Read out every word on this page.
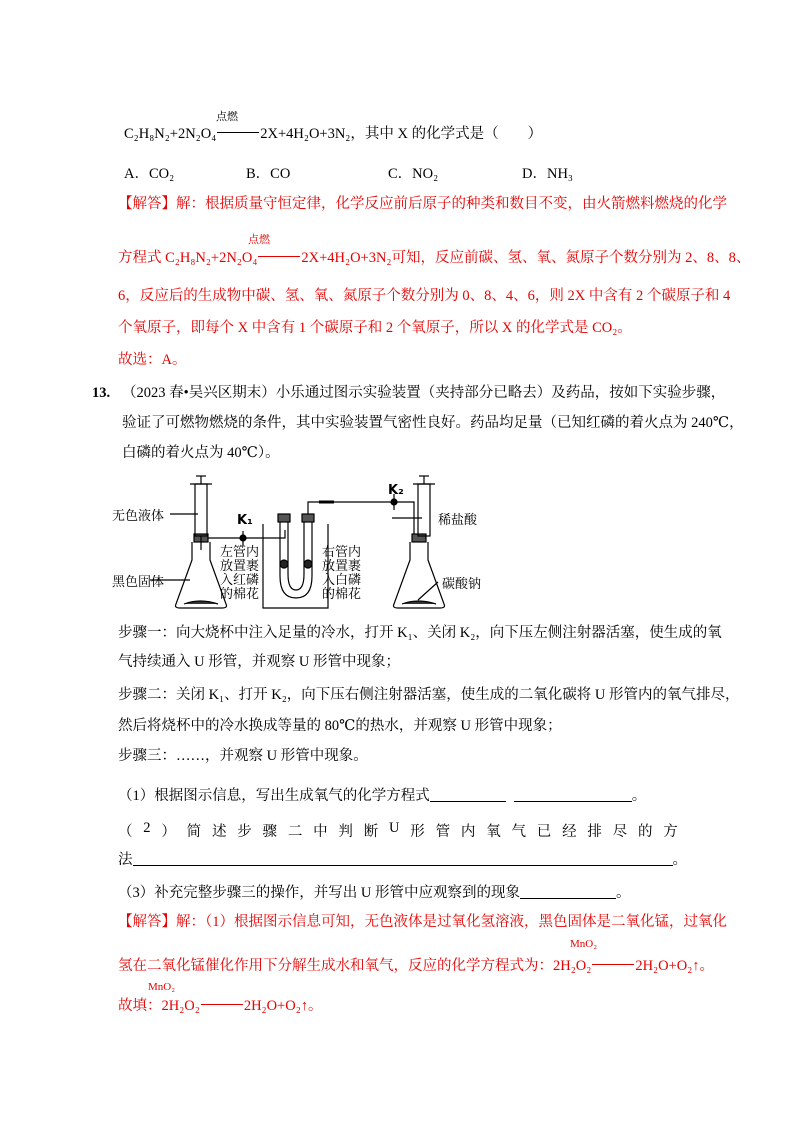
点燃
C₂H₈N₂+2N₂O₄	2X+4H₂O+3N₂，其中 X 的化学式是（　　）
A．CO₂	B．CO	C．NO₂	D．NH₃
【解答】解：根据质量守恒定律，化学反应前后原子的种类和数目不变，由火箭燃料燃烧的化学
点燃
方程式 C₂H₈N₂+2N₂O₄	2X+4H₂O+3N₂可知，反应前碳、氢、氧、氮原子个数分别为 2、8、8、
6，反应后的生成物中碳、氢、氧、氮原子个数分别为 0、8、4、6，则 2X 中含有 2 个碳原子和 4
个氧原子，即每个 X 中含有 1 个碳原子和 2 个氧原子，所以 X 的化学式是 CO₂。
故选：A。
13. （2023 春•吴兴区期末）小乐通过图示实验装置（夹持部分已略去）及药品，按如下实验步骤，
验证了可燃物燃烧的条件，其中实验装置气密性良好。药品均足量（已知红磷的着火点为 240℃，
白磷的着火点为 40℃）。
无色液体
黑色固体
K₁
K₂
左管内
放置裹
入红磷
的棉花
右管内
放置裹
入白磷
的棉花
稀盐酸
碳酸钠
步骤一：向大烧杯中注入足量的冷水，打开 K₁、关闭 K₂，向下压左侧注射器活塞，使生成的氧
气持续通入 U 形管，并观察 U 形管中现象；
步骤二：关闭 K₁、打开 K₂，向下压右侧注射器活塞，使生成的二氧化碳将 U 形管内的氧气排尽，
然后将烧杯中的冷水换成等量的 80℃的热水，并观察 U 形管中现象；
步骤三：……，并观察 U 形管中现象。
（1）根据图示信息，写出生成氧气的化学方程式	。
（ 2 ） 简 述 步 骤 二 中 判 断 U 形 管 内 氧 气 已 经 排 尽 的 方
法	。
（3）补充完整步骤三的操作，并写出 U 形管中应观察到的现象	。
【解答】解：（1）根据图示信息可知，无色液体是过氧化氢溶液，黑色固体是二氧化锰，过氧化
MnO₂
氢在二氧化锰催化作用下分解生成水和氧气，反应的化学方程式为：2H₂O₂	2H₂O+O₂↑。
MnO₂
故填：2H₂O₂	2H₂O+O₂↑。
